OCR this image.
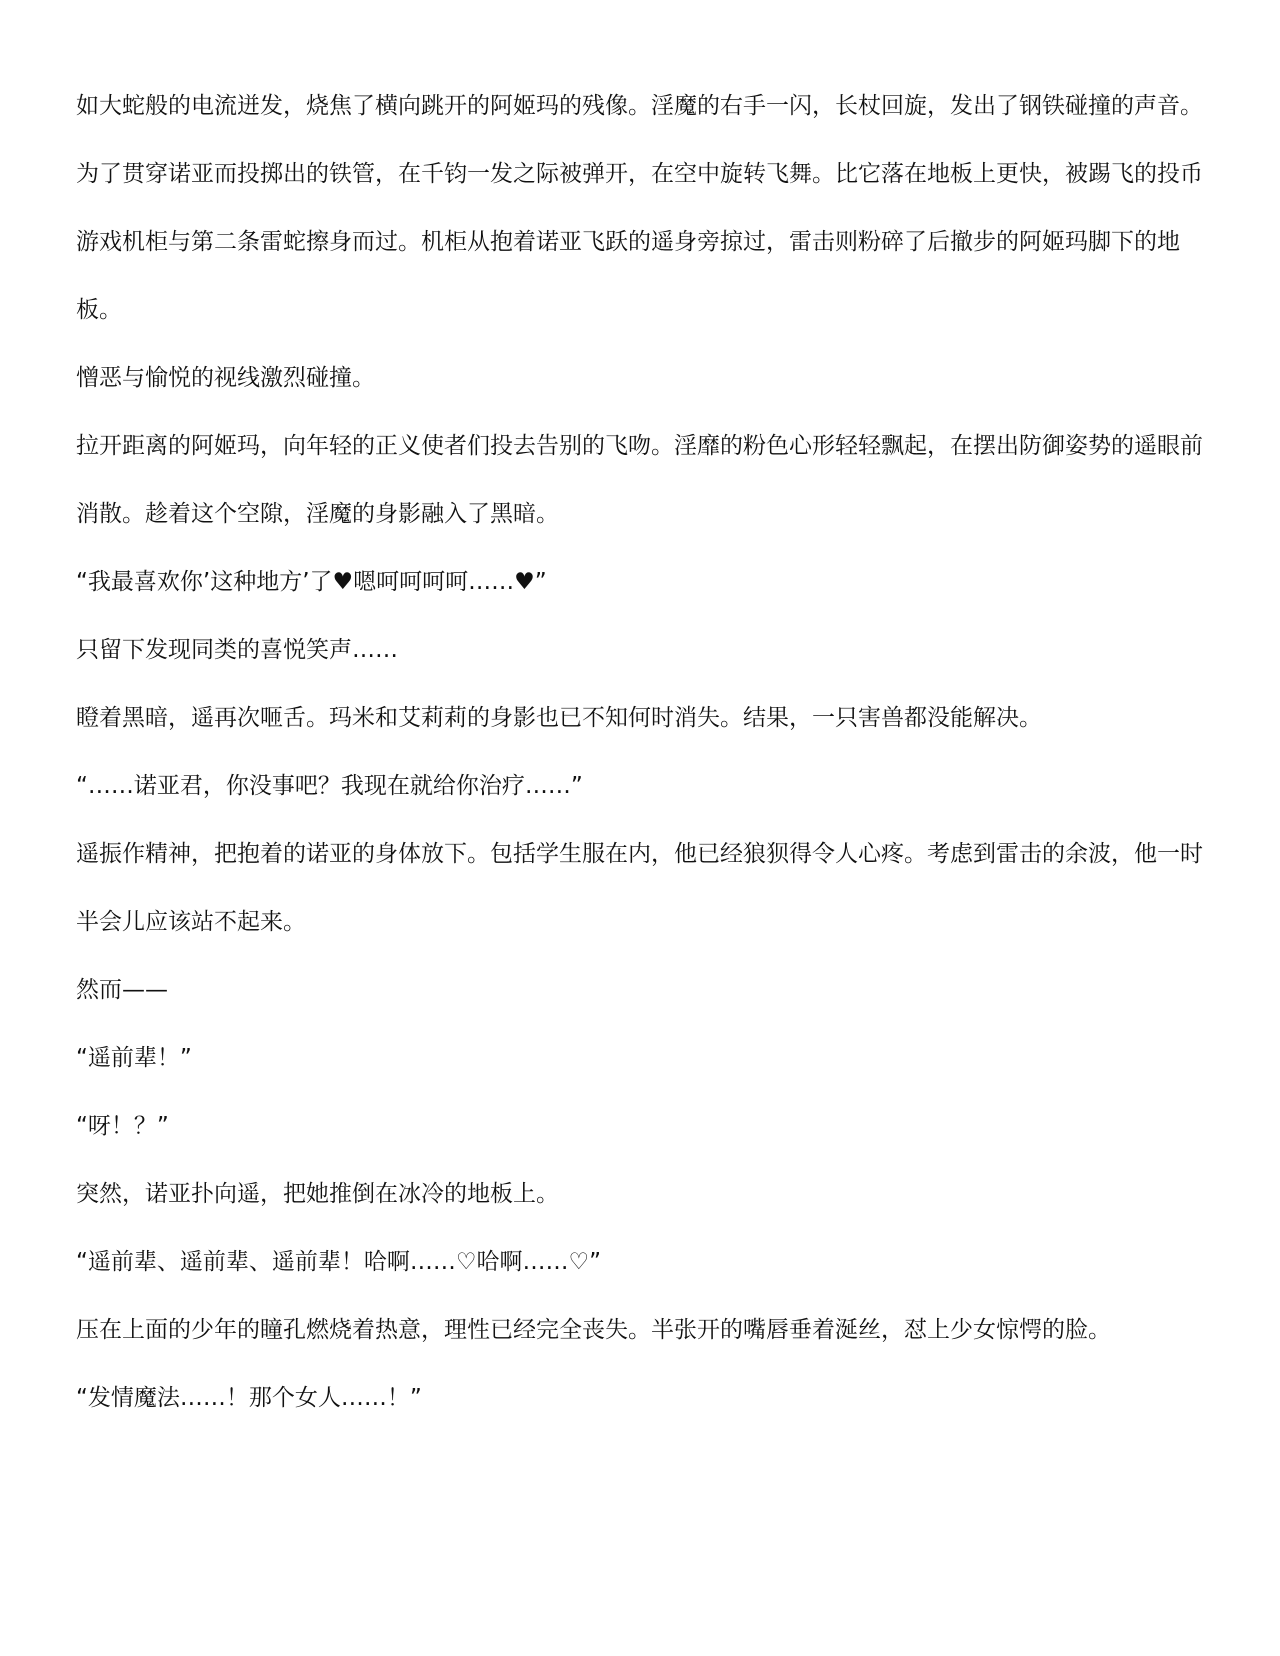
如大蛇般的电流迸发，烧焦了横向跳开的阿姬玛的残像。淫魔的右手一闪，长杖回旋，发出了钢铁碰撞的声音。

为了贯穿诺亚而投掷出的铁管，在千钧一发之际被弹开，在空中旋转飞舞。比它落在地板上更快，被踢飞的投币游戏机柜与第二条雷蛇擦身而过。机柜从抱着诺亚飞跃的遥身旁掠过，雷击则粉碎了后撤步的阿姬玛脚下的地板。

憎恶与愉悦的视线激烈碰撞。

拉开距离的阿姬玛，向年轻的正义使者们投去告别的飞吻。淫靡的粉色心形轻轻飘起，在摆出防御姿势的遥眼前消散。趁着这个空隙，淫魔的身影融入了黑暗。

“我最喜欢你’这种地方’了♥嗯呵呵呵呵……♥”

只留下发现同类的喜悦笑声……

瞪着黑暗，遥再次咂舌。玛米和艾莉莉的身影也已不知何时消失。结果，一只害兽都没能解决。

“……诺亚君，你没事吧？我现在就给你治疗……”

遥振作精神，把抱着的诺亚的身体放下。包括学生服在内，他已经狼狈得令人心疼。考虑到雷击的余波，他一时半会儿应该站不起来。

然而——

“遥前辈！”

“呀！？”

突然，诺亚扑向遥，把她推倒在冰冷的地板上。

“遥前辈、遥前辈、遥前辈！哈啊……♡哈啊……♡”

压在上面的少年的瞳孔燃烧着热意，理性已经完全丧失。半张开的嘴唇垂着涎丝，怼上少女惊愕的脸。

“发情魔法……！那个女人……！”
